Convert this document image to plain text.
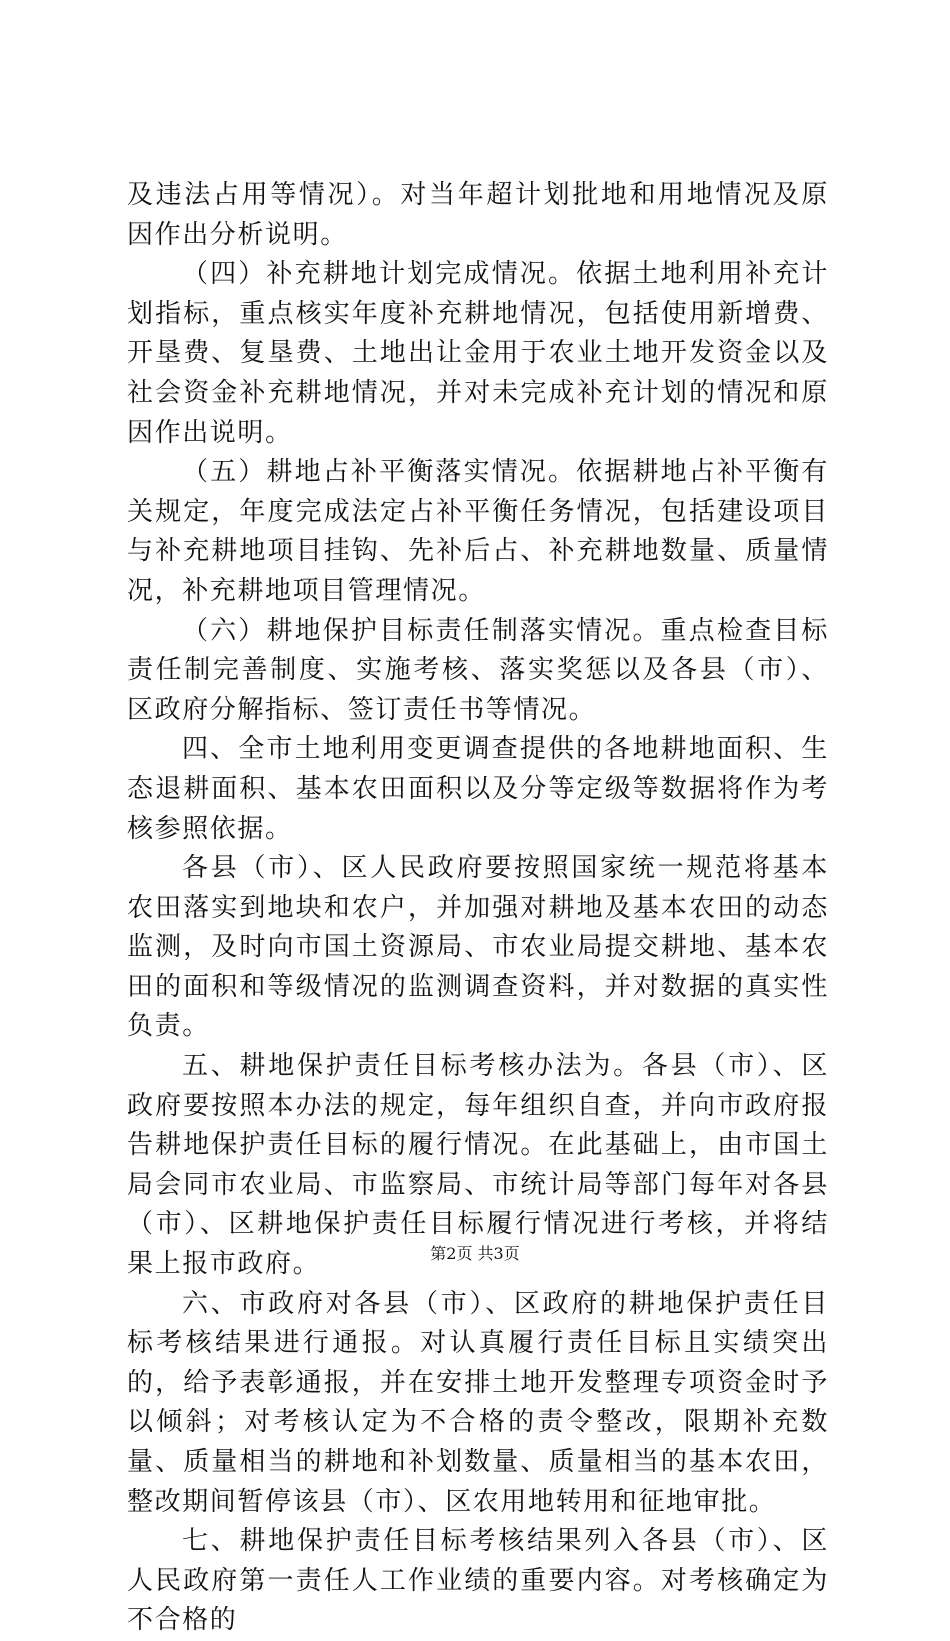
及违法占用等情况）。对当年超计划批地和用地情况及原因作出分析说明。

（四）补充耕地计划完成情况。依据土地利用补充计划指标，重点核实年度补充耕地情况，包括使用新增费、开垦费、复垦费、土地出让金用于农业土地开发资金以及社会资金补充耕地情况，并对未完成补充计划的情况和原因作出说明。

（五）耕地占补平衡落实情况。依据耕地占补平衡有关规定，年度完成法定占补平衡任务情况，包括建设项目与补充耕地项目挂钩、先补后占、补充耕地数量、质量情况，补充耕地项目管理情况。

（六）耕地保护目标责任制落实情况。重点检查目标责任制完善制度、实施考核、落实奖惩以及各县（市）、区政府分解指标、签订责任书等情况。

四、全市土地利用变更调查提供的各地耕地面积、生态退耕面积、基本农田面积以及分等定级等数据将作为考核参照依据。

各县（市）、区人民政府要按照国家统一规范将基本农田落实到地块和农户，并加强对耕地及基本农田的动态监测，及时向市国土资源局、市农业局提交耕地、基本农田的面积和等级情况的监测调查资料，并对数据的真实性负责。

五、耕地保护责任目标考核办法为。各县（市）、区政府要按照本办法的规定，每年组织自查，并向市政府报告耕地保护责任目标的履行情况。在此基础上，由市国土局会同市农业局、市监察局、市统计局等部门每年对各县（市）、区耕地保护责任目标履行情况进行考核，并将结果上报市政府。

六、市政府对各县（市）、区政府的耕地保护责任目标考核结果进行通报。对认真履行责任目标且实绩突出的，给予表彰通报，并在安排土地开发整理专项资金时予以倾斜；对考核认定为不合格的责令整改，限期补充数量、质量相当的耕地和补划数量、质量相当的基本农田，整改期间暂停该县（市）、区农用地转用和征地审批。

七、耕地保护责任目标考核结果列入各县（市）、区人民政府第一责任人工作业绩的重要内容。对考核确定为不合格的

第2页 共3页
